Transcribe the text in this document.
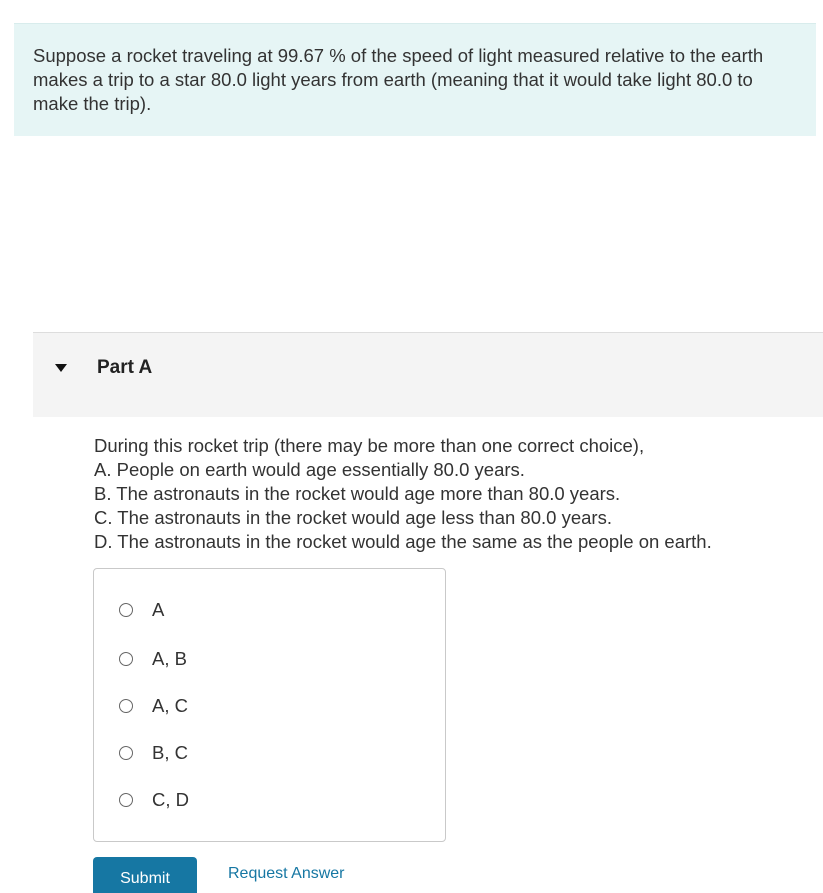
Suppose a rocket traveling at 99.67 % of the speed of light measured relative to the earth makes a trip to a star 80.0 light years from earth (meaning that it would take light 80.0 to make the trip).

Part A
During this rocket trip (there may be more than one correct choice),
A. People on earth would age essentially 80.0 years.
B. The astronauts in the rocket would age more than 80.0 years.
C. The astronauts in the rocket would age less than 80.0 years.
D. The astronauts in the rocket would age the same as the people on earth.
A
A, B
A, C
B, C
C, D
Submit	Request Answer
